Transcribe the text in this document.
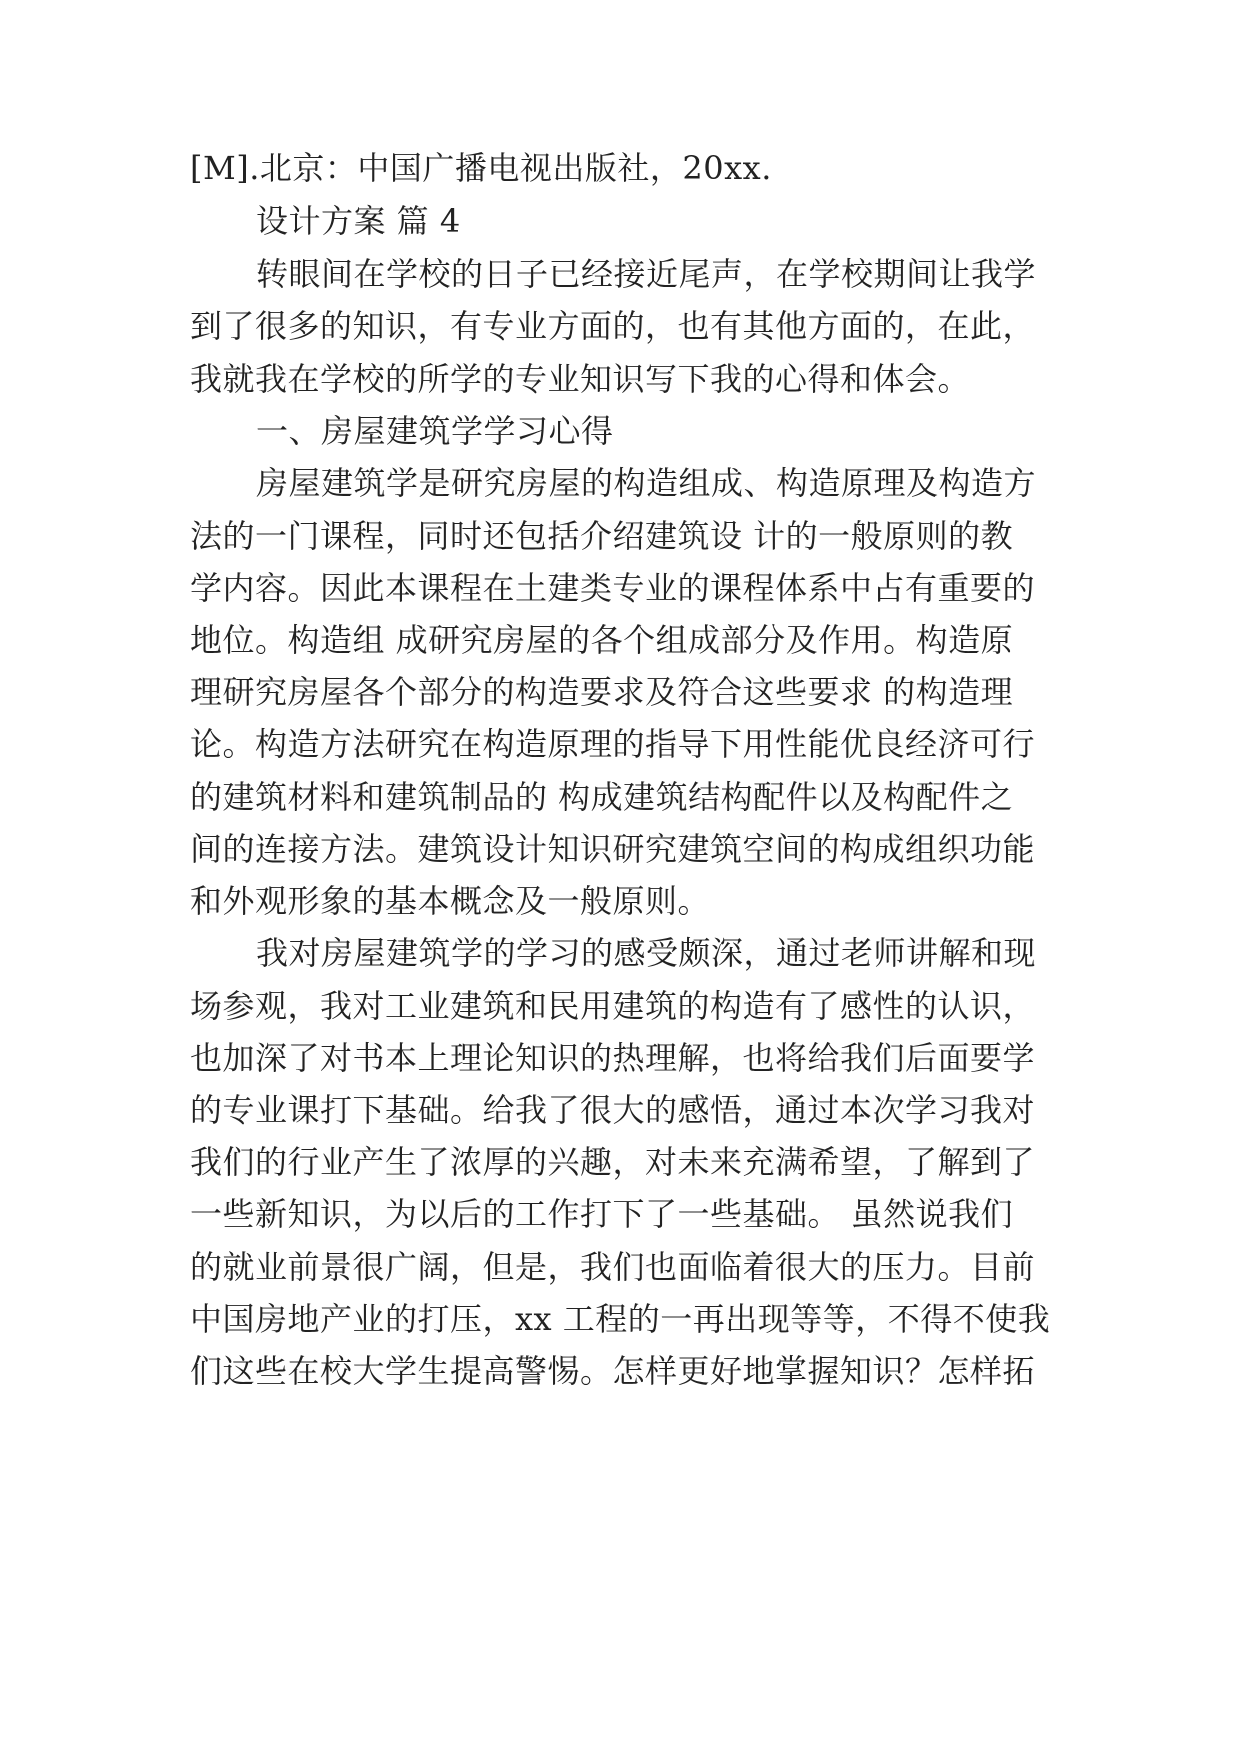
[M].北京：中国广播电视出版社，20xx.
设计方案 篇 4
转眼间在学校的日子已经接近尾声，在学校期间让我学
到了很多的知识，有专业方面的，也有其他方面的，在此，
我就我在学校的所学的专业知识写下我的心得和体会。
一、房屋建筑学学习心得
房屋建筑学是研究房屋的构造组成、构造原理及构造方
法的一门课程，同时还包括介绍建筑设 计的一般原则的教
学内容。因此本课程在土建类专业的课程体系中占有重要的
地位。构造组 成研究房屋的各个组成部分及作用。构造原
理研究房屋各个部分的构造要求及符合这些要求 的构造理
论。构造方法研究在构造原理的指导下用性能优良经济可行
的建筑材料和建筑制品的 构成建筑结构配件以及构配件之
间的连接方法。建筑设计知识研究建筑空间的构成组织功能
和外观形象的基本概念及一般原则。
我对房屋建筑学的学习的感受颇深，通过老师讲解和现
场参观，我对工业建筑和民用建筑的构造有了感性的认识，
也加深了对书本上理论知识的热理解，也将给我们后面要学
的专业课打下基础。给我了很大的感悟，通过本次学习我对
我们的行业产生了浓厚的兴趣，对未来充满希望，了解到了
一些新知识，为以后的工作打下了一些基础。 虽然说我们
的就业前景很广阔，但是，我们也面临着很大的压力。目前
中国房地产业的打压，xx 工程的一再出现等等，不得不使我
们这些在校大学生提高警惕。怎样更好地掌握知识？怎样拓
